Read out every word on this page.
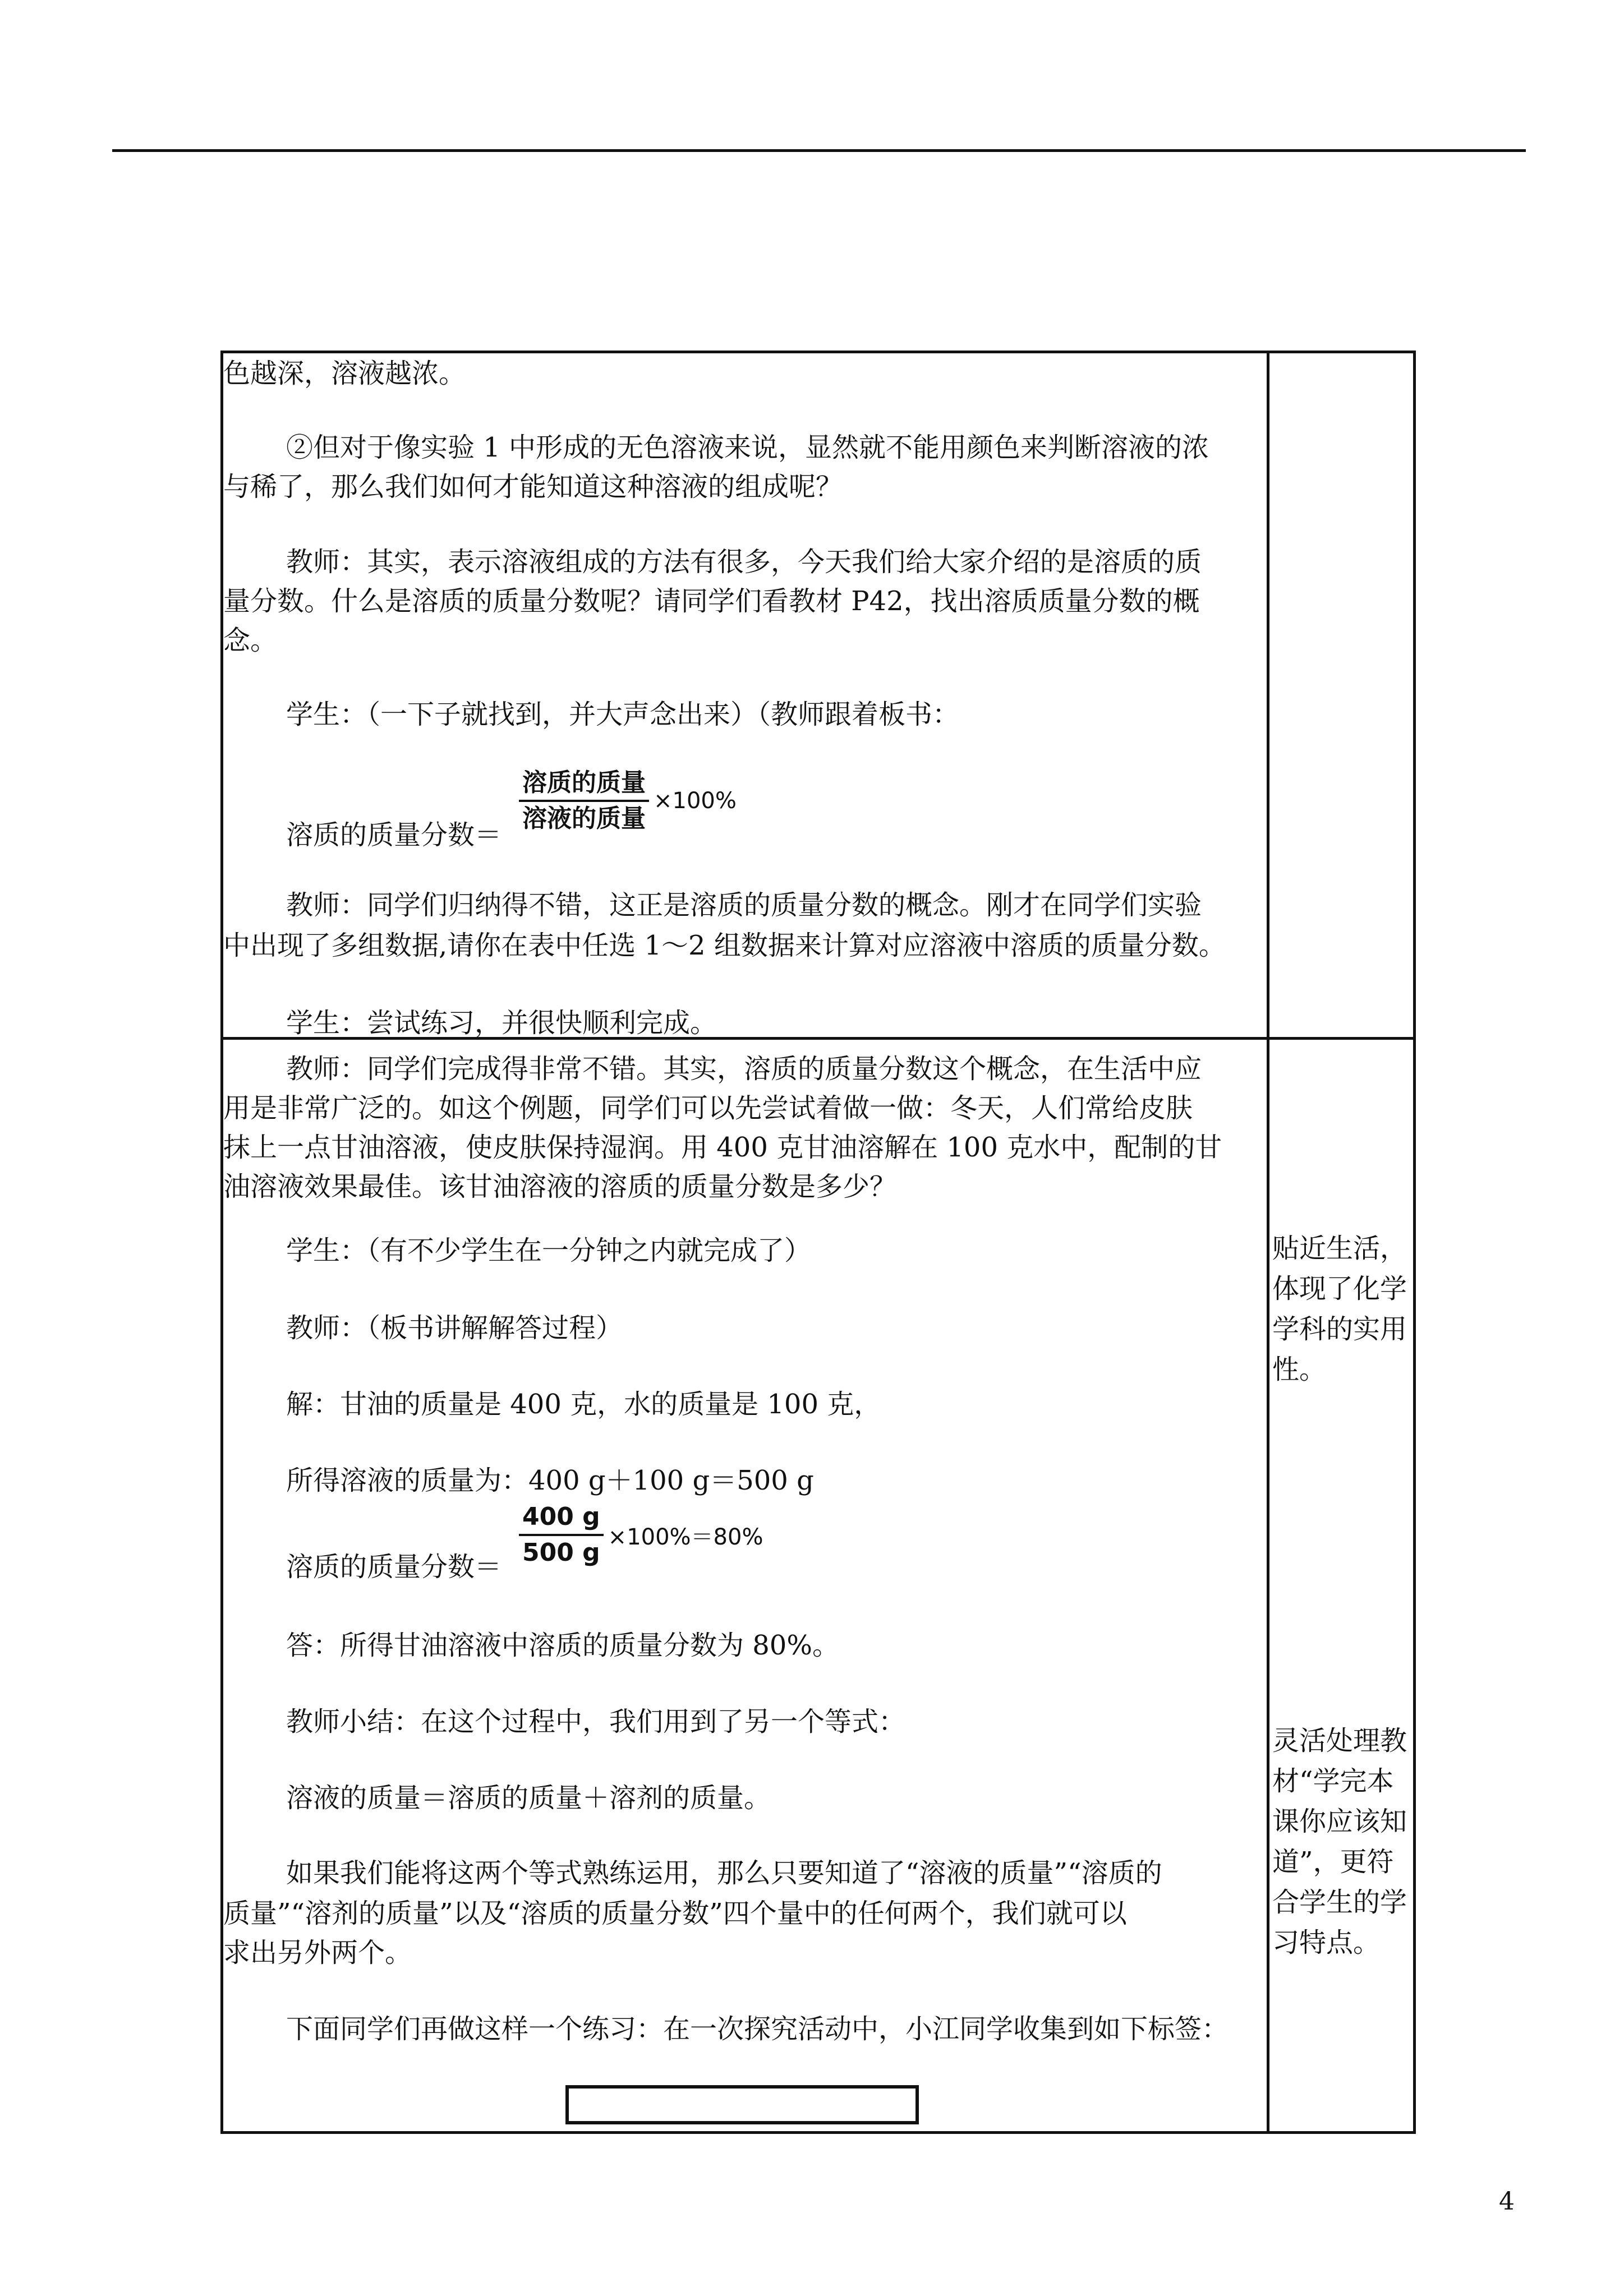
色越深，溶液越浓。

②但对于像实验 1 中形成的无色溶液来说，显然就不能用颜色来判断溶液的浓

与稀了，那么我们如何才能知道这种溶液的组成呢？

教师：其实，表示溶液组成的方法有很多，今天我们给大家介绍的是溶质的质

量分数。什么是溶质的质量分数呢？请同学们看教材 P42，找出溶质质量分数的概

念。

学生：（一下子就找到，并大声念出来）（教师跟着板书：

溶质的质量分数＝

$\frac{\text{溶质的质量}}{\text{溶液的质量}} \times 100\%$

教师：同学们归纳得不错，这正是溶质的质量分数的概念。刚才在同学们实验

中出现了多组数据,请你在表中任选 1～2 组数据来计算对应溶液中溶质的质量分数。

学生：尝试练习，并很快顺利完成。

教师：同学们完成得非常不错。其实，溶质的质量分数这个概念，在生活中应

用是非常广泛的。如这个例题，同学们可以先尝试着做一做：冬天，人们常给皮肤

抹上一点甘油溶液，使皮肤保持湿润。用 400 克甘油溶解在 100 克水中，配制的甘

油溶液效果最佳。该甘油溶液的溶质的质量分数是多少？

学生：（有不少学生在一分钟之内就完成了）

教师：（板书讲解解答过程）

解：甘油的质量是 400 克，水的质量是 100 克，

所得溶液的质量为：400 g＋100 g＝500 g

溶质的质量分数＝ $\frac{400 g}{500 g} \times 100\%=80\%$

答：所得甘油溶液中溶质的质量分数为 80%。

教师小结：在这个过程中，我们用到了另一个等式：

溶液的质量＝溶质的质量＋溶剂的质量。

如果我们能将这两个等式熟练运用，那么只要知道了“溶液的质量”“溶质的

质量”“溶剂的质量”以及“溶质的质量分数”四个量中的任何两个，我们就可以

求出另外两个。

下面同学们再做这样一个练习：在一次探究活动中，小江同学收集到如下标签：

贴近生活，
体现了化学
学科的实用
性。
灵活处理教
材“学完本
课你应该知
道”，更符
合学生的学
习特点。
4
